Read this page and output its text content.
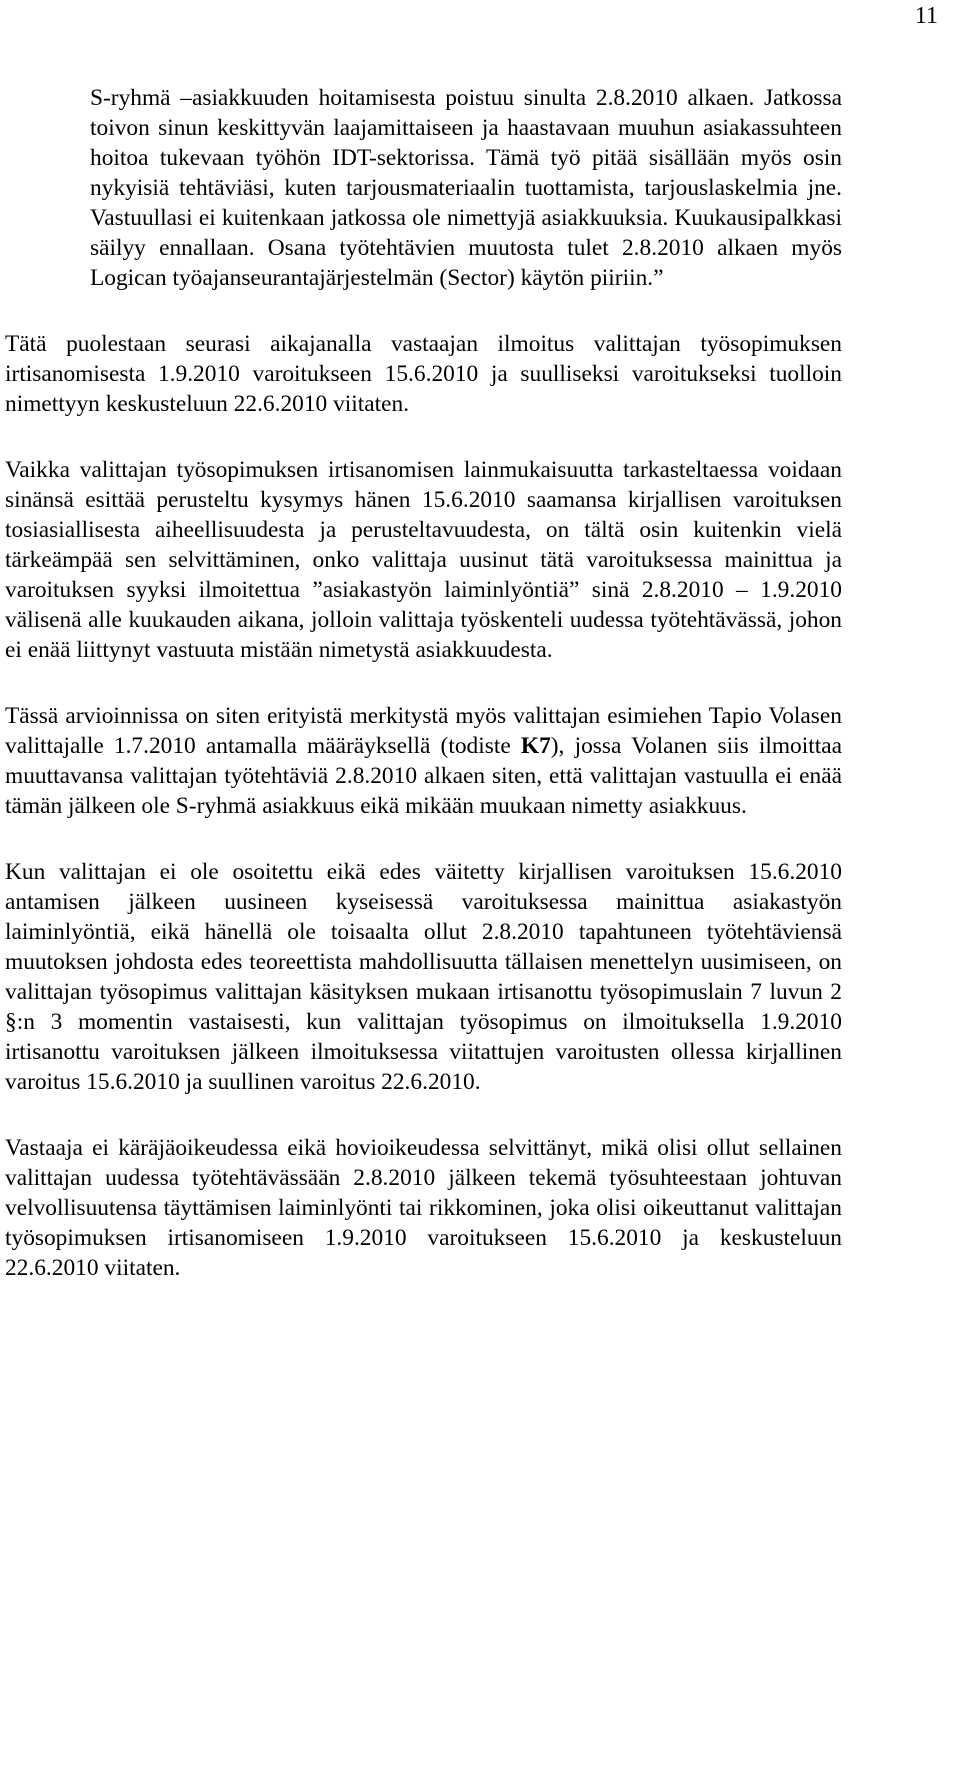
11

S-ryhmä –asiakkuuden hoitamisesta poistuu sinulta 2.8.2010 alkaen. Jatkossa toivon sinun keskittyvän laajamittaiseen ja haastavaan muuhun asiakassuhteen hoitoa tukevaan työhön IDT-sektorissa. Tämä työ pitää sisällään myös osin nykyisiä tehtäviäsi, kuten tarjousmateriaalin tuottamista, tarjouslaskelmia jne. Vastuullasi ei kuitenkaan jatkossa ole nimettyjä asiakkuuksia. Kuukausipalkkasi säilyy ennallaan. Osana työtehtävien muutosta tulet 2.8.2010 alkaen myös Logican työajanseurantajärjestelmän (Sector) käytön piiriin.”

Tätä puolestaan seurasi aikajanalla vastaajan ilmoitus valittajan työsopimuksen irtisanomisesta 1.9.2010 varoitukseen 15.6.2010 ja suulliseksi varoitukseksi tuolloin nimettyyn keskusteluun 22.6.2010 viitaten.

Vaikka valittajan työsopimuksen irtisanomisen lainmukaisuutta tarkasteltaessa voidaan sinänsä esittää perusteltu kysymys hänen 15.6.2010 saamansa kirjallisen varoituksen tosiasiallisesta aiheellisuudesta ja perusteltavuudesta, on tältä osin kuitenkin vielä tärkeämpää sen selvittäminen, onko valittaja uusinut tätä varoituksessa mainittua ja varoituksen syyksi ilmoitettua ”asiakastyön laiminlyöntiä” sinä 2.8.2010 – 1.9.2010 välisenä alle kuukauden aikana, jolloin valittaja työskenteli uudessa työtehtävässä, johon ei enää liittynyt vastuuta mistään nimetystä asiakkuudesta.

Tässä arvioinnissa on siten erityistä merkitystä myös valittajan esimiehen Tapio Volasen valittajalle 1.7.2010 antamalla määräyksellä (todiste K7), jossa Volanen siis ilmoittaa muuttavansa valittajan työtehtäviä 2.8.2010 alkaen siten, että valittajan vastuulla ei enää tämän jälkeen ole S-ryhmä asiakkuus eikä mikään muukaan nimetty asiakkuus.

Kun valittajan ei ole osoitettu eikä edes väitetty kirjallisen varoituksen 15.6.2010 antamisen jälkeen uusineen kyseisessä varoituksessa mainittua asiakastyön laiminlyöntiä, eikä hänellä ole toisaalta ollut 2.8.2010 tapahtuneen työtehtäviensä muutoksen johdosta edes teoreettista mahdollisuutta tällaisen menettelyn uusimiseen, on valittajan työsopimus valittajan käsityksen mukaan irtisanottu työsopimuslain 7 luvun 2 §:n 3 momentin vastaisesti, kun valittajan työsopimus on ilmoituksella 1.9.2010 irtisanottu varoituksen jälkeen ilmoituksessa viitattujen varoitusten ollessa kirjallinen varoitus 15.6.2010 ja suullinen varoitus 22.6.2010.

Vastaaja ei käräjäoikeudessa eikä hovioikeudessa selvittänyt, mikä olisi ollut sellainen valittajan uudessa työtehtävässään 2.8.2010 jälkeen tekemä työsuhteestaan johtuvan velvollisuutensa täyttämisen laiminlyönti tai rikkominen, joka olisi oikeuttanut valittajan työsopimuksen irtisanomiseen 1.9.2010 varoitukseen 15.6.2010 ja keskusteluun 22.6.2010 viitaten.
